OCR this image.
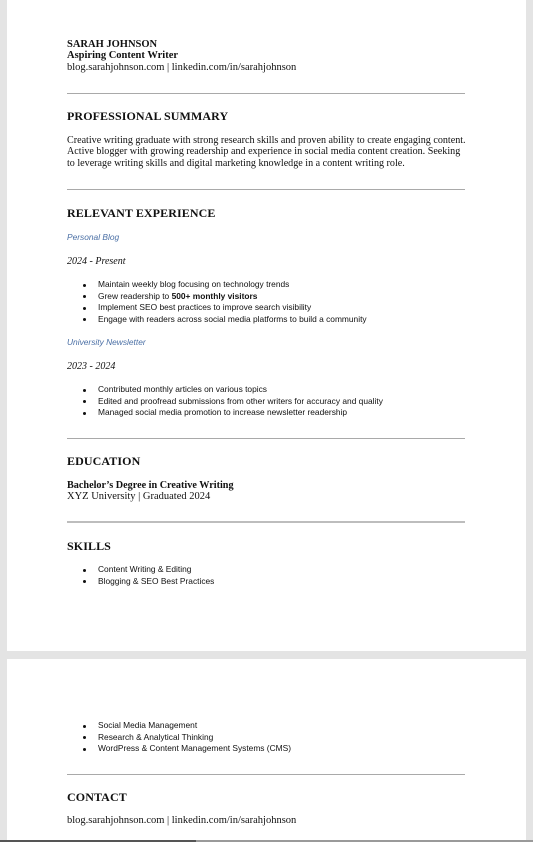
SARAH JOHNSON

Aspiring Content Writer

blog.sarahjohnson.com | linkedin.com/in/sarahjohnson

PROFESSIONAL SUMMARY

Creative writing graduate with strong research skills and proven ability to create engaging content. Active blogger with growing readership and experience in social media content creation. Seeking to leverage writing skills and digital marketing knowledge in a content writing role.

RELEVANT EXPERIENCE

Personal Blog

2024 - Present

Maintain weekly blog focusing on technology trends
Grew readership to 500+ monthly visitors
Implement SEO best practices to improve search visibility
Engage with readers across social media platforms to build a community

University Newsletter

2023 - 2024

Contributed monthly articles on various topics
Edited and proofread submissions from other writers for accuracy and quality
Managed social media promotion to increase newsletter readership

EDUCATION

Bachelor’s Degree in Creative Writing

XYZ University | Graduated 2024

SKILLS

Content Writing & Editing
Blogging & SEO Best Practices
Social Media Management
Research & Analytical Thinking
WordPress & Content Management Systems (CMS)

CONTACT

blog.sarahjohnson.com | linkedin.com/in/sarahjohnson
